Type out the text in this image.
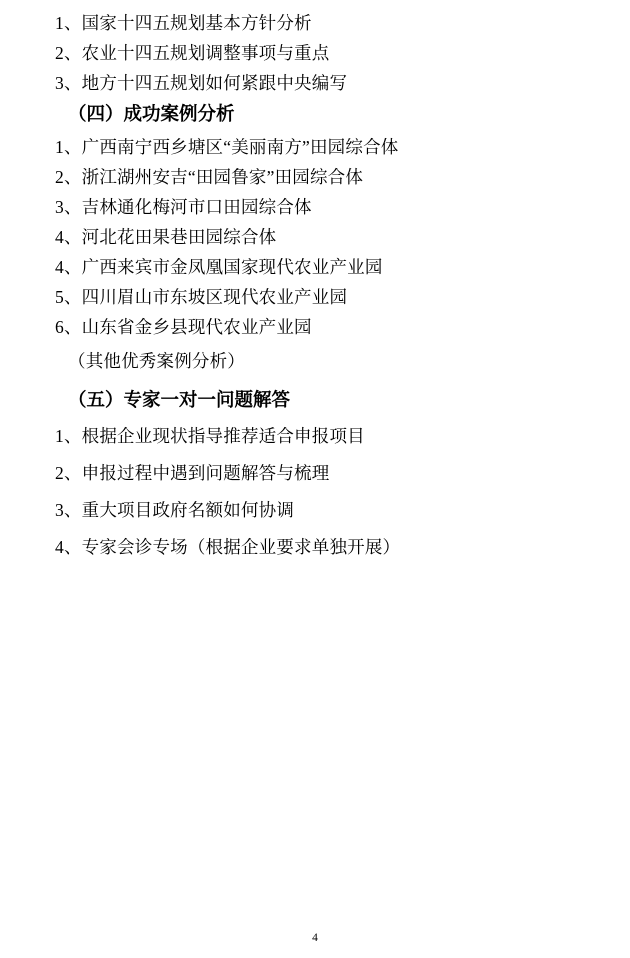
1、国家十四五规划基本方针分析
2、农业十四五规划调整事项与重点
3、地方十四五规划如何紧跟中央编写
（四）成功案例分析
1、广西南宁西乡塘区“美丽南方”田园综合体
2、浙江湖州安吉“田园鲁家”田园综合体
3、吉林通化梅河市口田园综合体
4、河北花田果巷田园综合体
4、广西来宾市金凤凰国家现代农业产业园
5、四川眉山市东坡区现代农业产业园
6、山东省金乡县现代农业产业园
（其他优秀案例分析）
（五）专家一对一问题解答
1、根据企业现状指导推荐适合申报项目
2、申报过程中遇到问题解答与梳理
3、重大项目政府名额如何协调
4、专家会诊专场（根据企业要求单独开展）
4
